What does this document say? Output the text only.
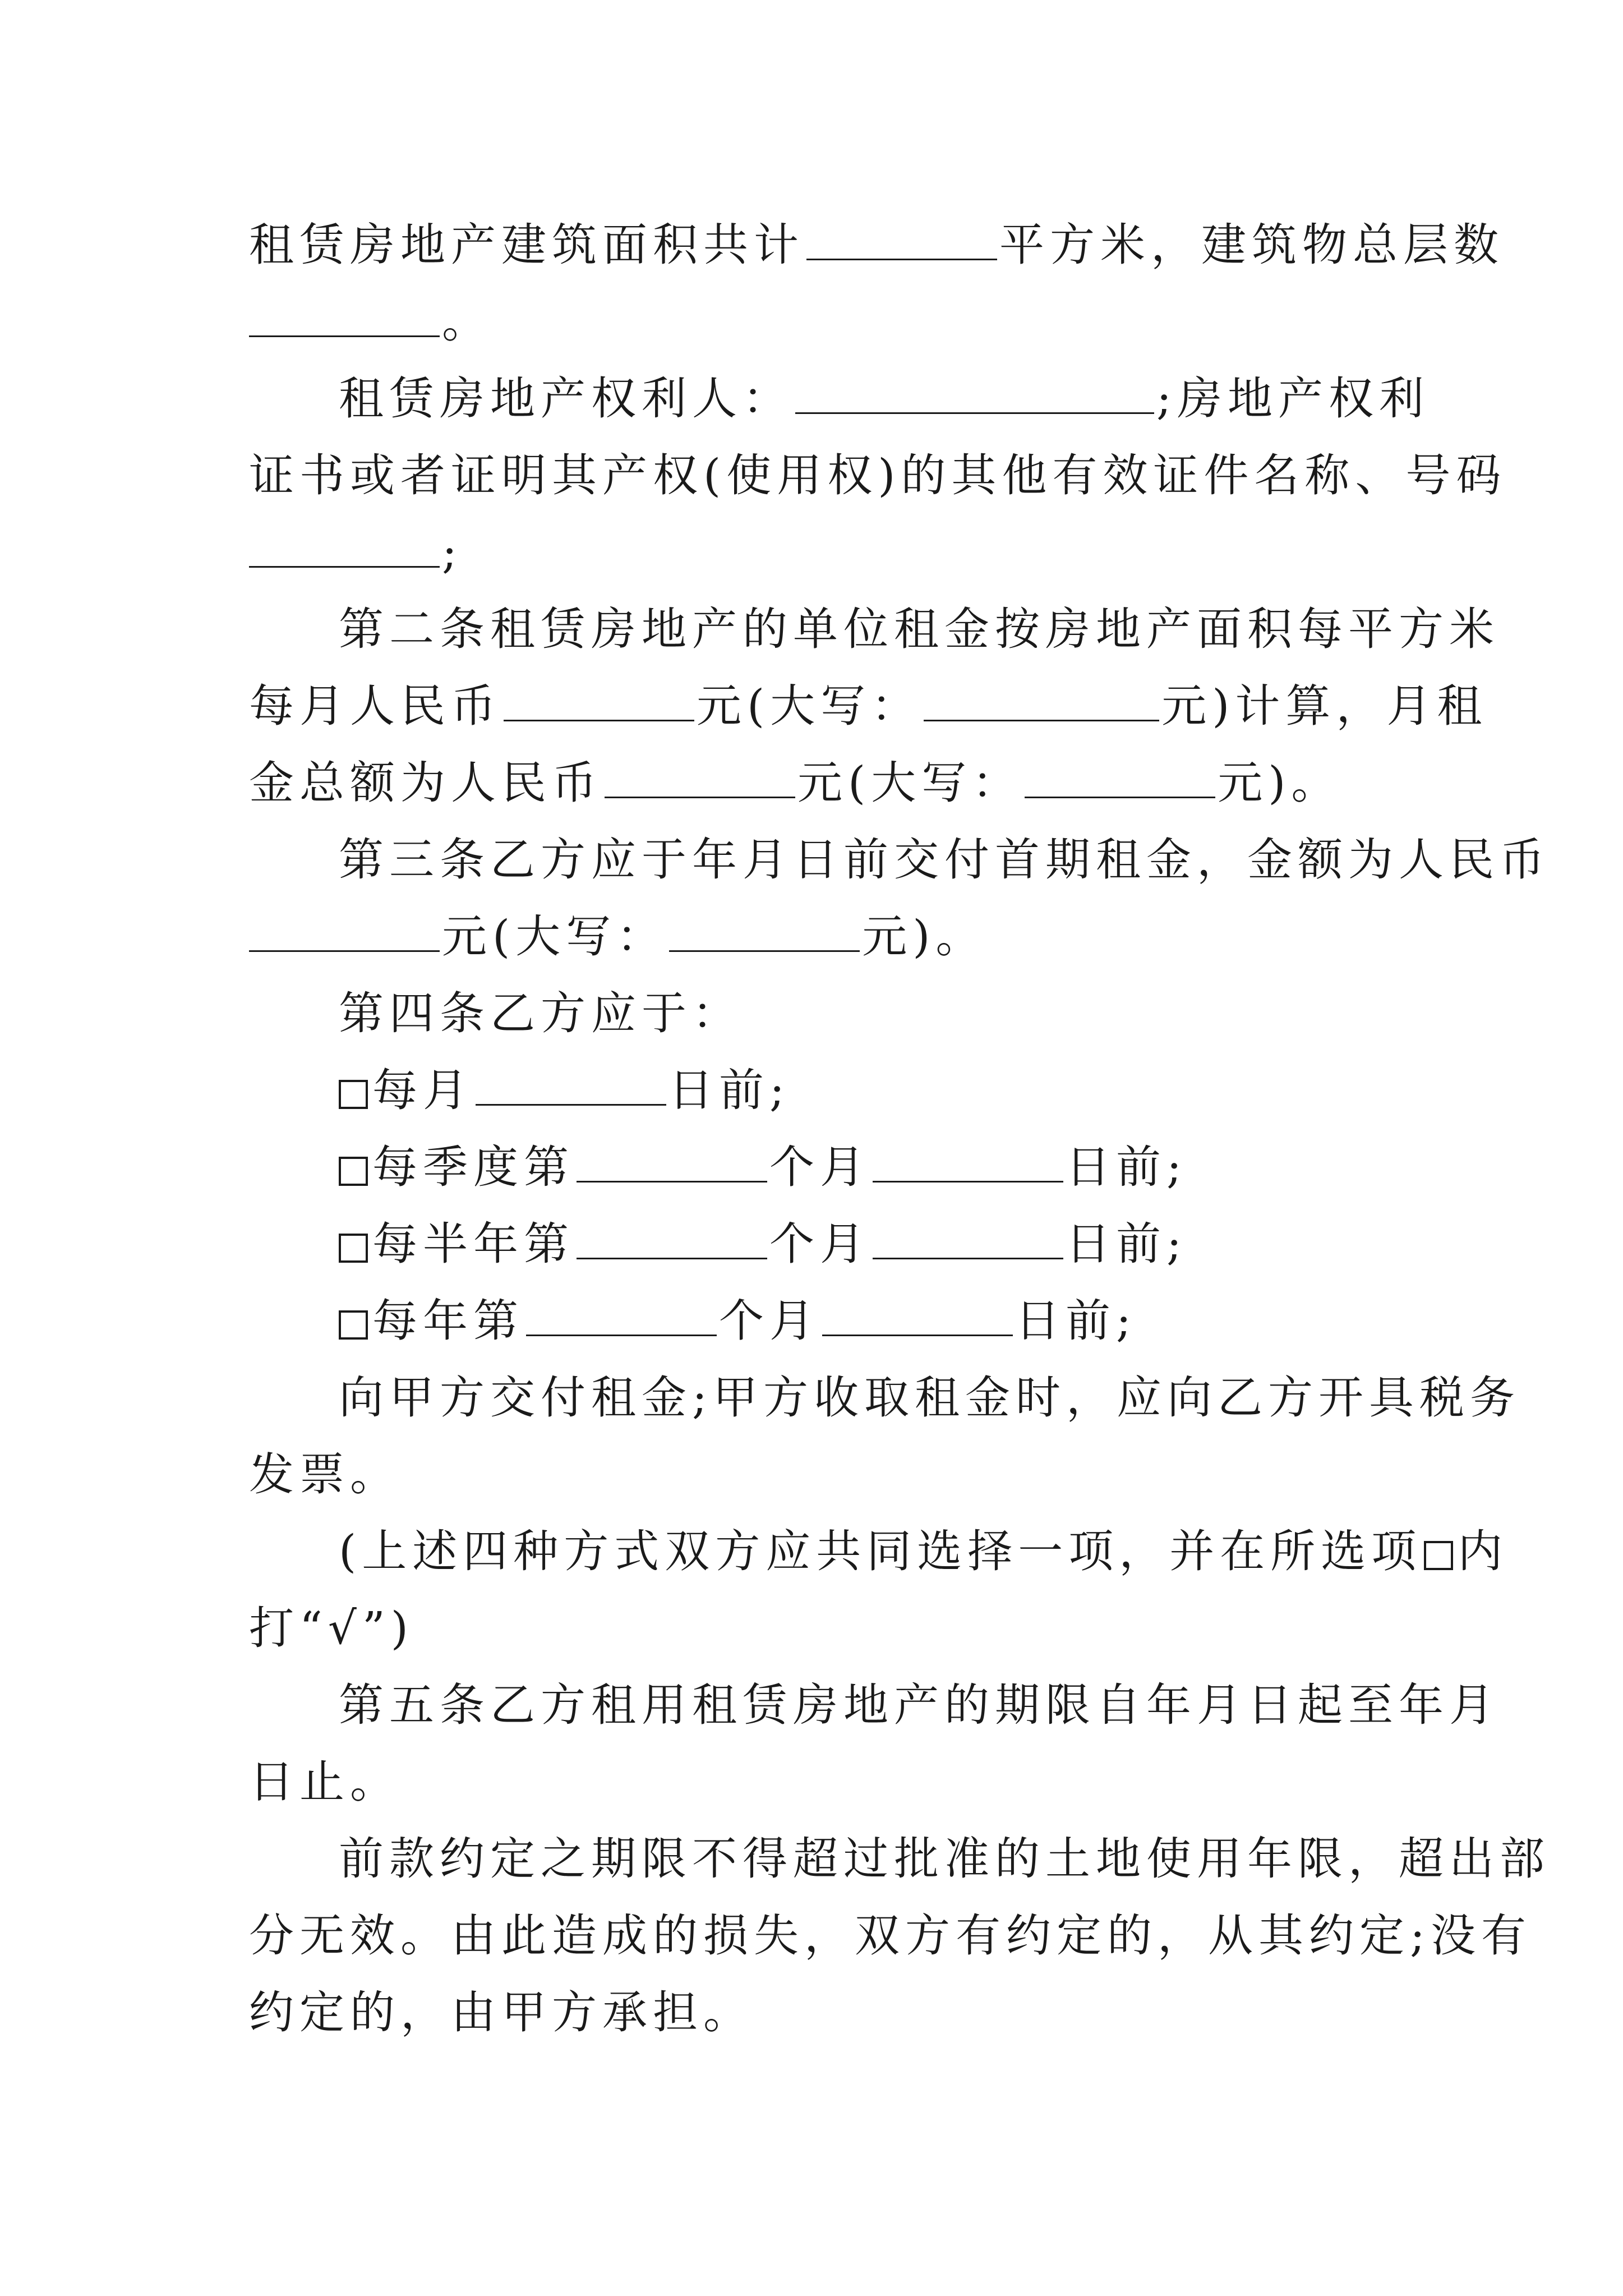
租赁房地产建筑面积共计	平方米，建筑物总层数
。
租赁房地产权利人：	;房地产权利
证书或者证明其产权(使用权)的其他有效证件名称、号码
;
第二条租赁房地产的单位租金按房地产面积每平方米
每月人民币	元(大写：	元)计算，月租
金总额为人民币	元(大写：	元)。
第三条乙方应于年月日前交付首期租金，金额为人民币
元(大写：	元)。
第四条乙方应于：
每月	日前;
每季度第	个月	日前;
每半年第	个月	日前;
每年第	个月	日前;
向甲方交付租金;甲方收取租金时，应向乙方开具税务
发票。
(上述四种方式双方应共同选择一项，并在所选项 内
打“√”)
第五条乙方租用租赁房地产的期限自年月日起至年月
日止。
前款约定之期限不得超过批准的土地使用年限，超出部
分无效。由此造成的损失，双方有约定的，从其约定;没有
约定的，由甲方承担。
